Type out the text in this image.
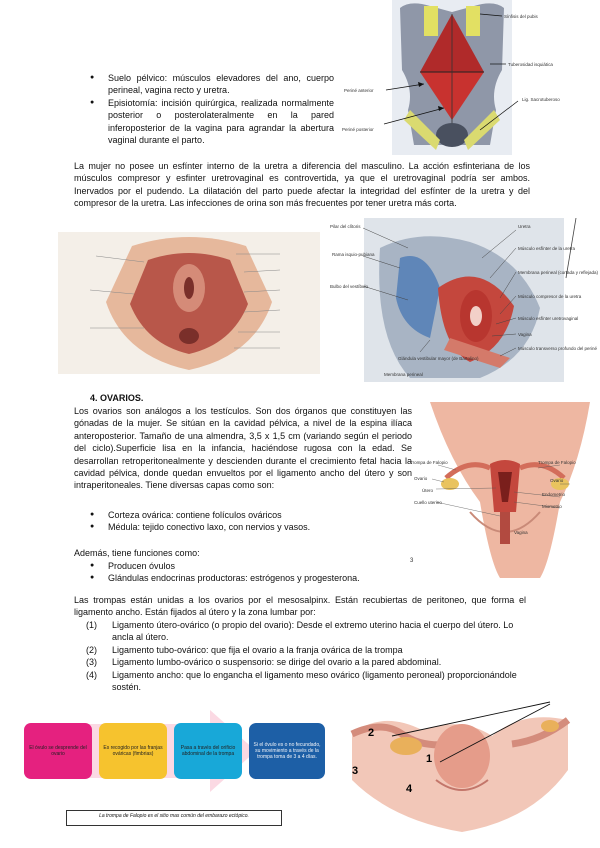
Sínfisis del pubis
Tuberosidad isquiática
Periné anterior
Lig. Sacrotuberoso
Periné posterior
● Suelo pélvico: músculos elevadores del ano, cuerpo perineal, vagina recto y uretra.
● Episiotomía: incisión quirúrgica, realizada normalmente posterior o posterolateralmente en la pared inferoposterior de la vagina para agrandar la abertura vaginal durante el parto.

La mujer no posee un esfínter interno de la uretra a diferencia del masculino. La acción esfinteriana de los músculos compresor y esfinter uretrovaginal es controvertida, ya que el uretrovaginal podría ser ambos. Inervados por el pudendo. La dilatación del parto puede afectar la integridad del esfínter de la uretra y del compresor de la uretra. Las infecciones de orina son más frecuentes por tener uretra más corta.

Pilar del clítoris
Rama isquio-pubiana
Bulbo del vestíbulo
Glándula vestibular mayor (de Bartolino)
Membrana perineal
Uretra
Músculo esfínter de la uretra
Membrana perineal (cortada y reflejada)
Músculo compresor de la uretra
Músculo esfínter uretrovaginal
Vagina
Músculo transverso profundo del periné
4. OVARIOS.

Los ovarios son análogos a los testículos. Son dos órganos que constituyen las gónadas de la mujer. Se sitúan en la cavidad pélvica, a nivel de la espina ilíaca anteroposterior. Tamaño de una almendra, 3,5 x 1,5 cm (variando según el periodo del ciclo).Superficie lisa en la infancia, haciéndose rugosa con la edad. Se desarrollan retroperitonealmente y descienden durante el crecimiento fetal hacia la cavidad pélvica, donde quedan envueltos por el ligamento ancho del útero y son intraperitoneales. Tiene diversas capas como son:

● Corteza ovárica: contiene folículos ováricos
● Médula: tejido conectivo laxo, con nervios y vasos.
Además, tiene funciones como:
● Producen óvulos
● Glándulas endocrinas productoras: estrógenos y progesterona.
Trompa de Falopio
Ovario
Útero
Cuello uterino
Trompa de Falopio
Ovario
Endometrio
Miometrio
Vagina
3

Las trompas están unidas a los ovarios por el mesosalpinx. Están recubiertas de peritoneo, que forma el ligamento ancho. Están fijados al útero y la zona lumbar por:

(1)	Ligamento útero-ovárico (o propio del ovario): Desde el extremo uterino hacia el cuerpo del útero. Lo ancla al útero.
(2)	Ligamento tubo-ovárico: que fija el ovario a la franja ovárica de la trompa
(3)	Ligamento lumbo-ovárico o suspensorio: se dirige del ovario a la pared abdominal.
(4)	Ligamento ancho: que lo engancha el ligamento meso ovárico (ligamento peroneal) proporcionándole sostén.
El óvulo se desprende del ovario
Es recogido por las franjas ováricas (fimbrias)
Pasa a través del orificio abdominal de la trompa
Si el óvulo es o no fecundado, su movimiento a través de la trompa toma de 3 a 4 días.
La trompa de Falopio es el sitio mas común del embarazo ectópico.
2
1
3
4
